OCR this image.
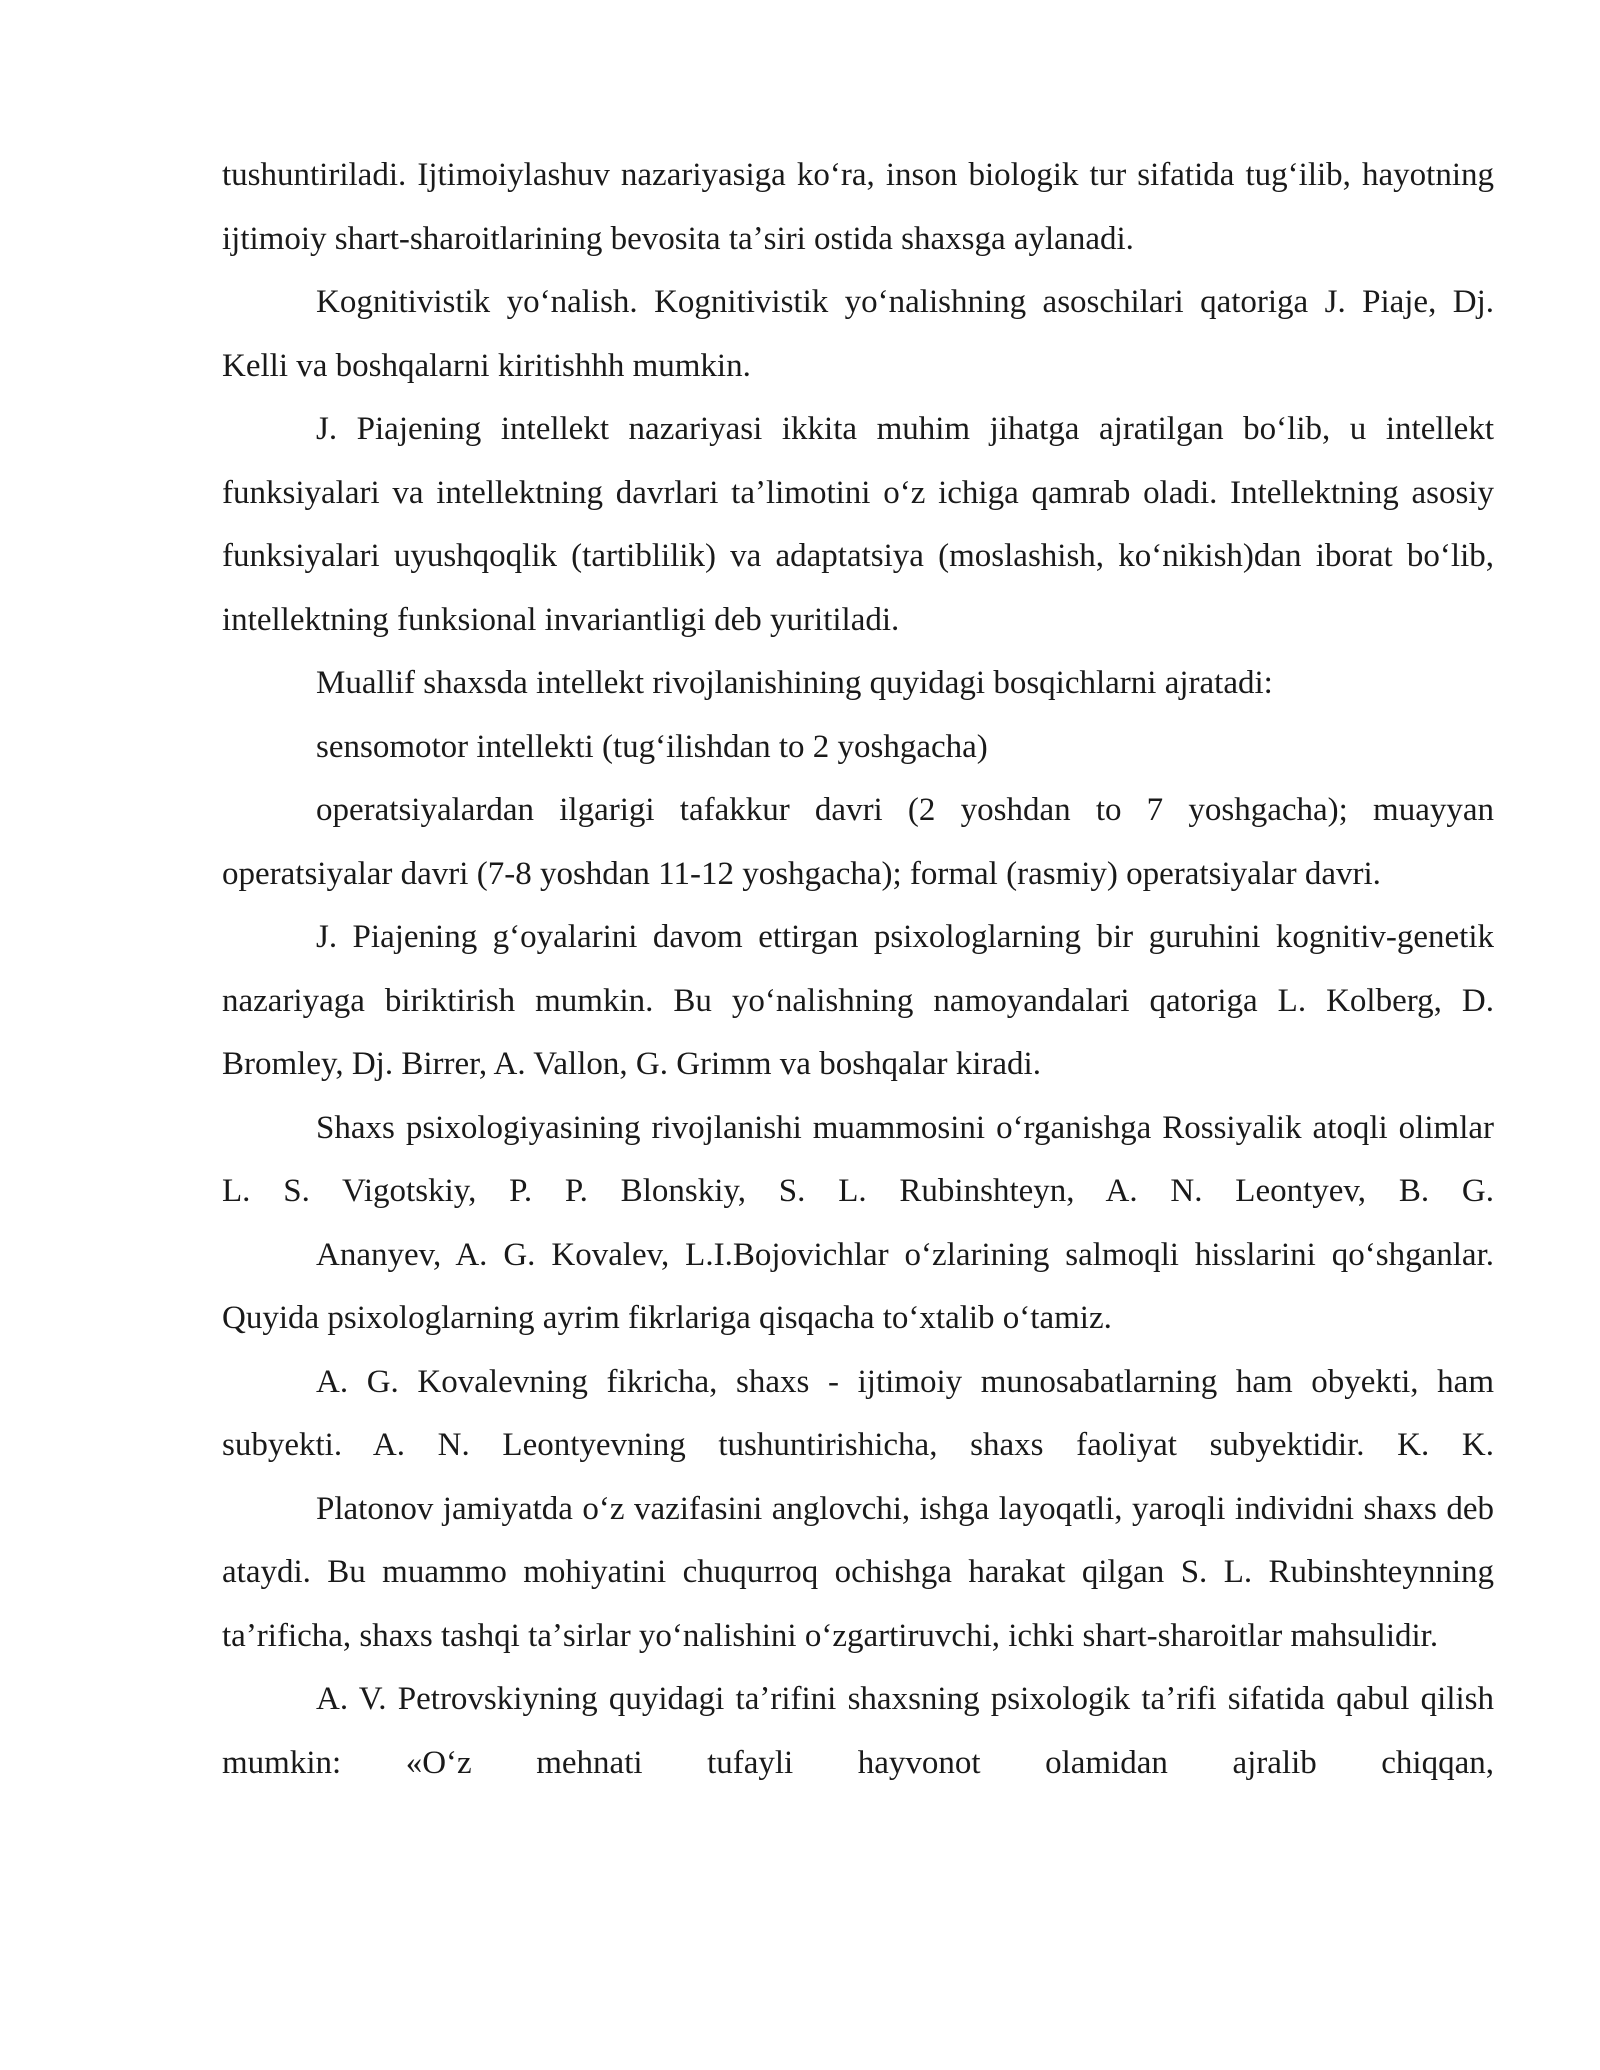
tushuntiriladi. Ijtimoiylashuv nazariyasiga koʻra, inson biologik tur sifatida tugʻilib, hayotning ijtimoiy shart-sharoitlarining bevosita taʼsiri ostida shaxsga aylanadi.

Kognitivistik yoʻnalish. Kognitivistik yoʻnalishning asoschilari qatoriga J. Piaje, Dj. Kelli va boshqalarni kiritishhh mumkin.

J. Piajening intellekt nazariyasi ikkita muhim jihatga ajratilgan boʻlib, u intellekt funksiyalari va intellektning davrlari taʼlimotini oʻz ichiga qamrab oladi. Intellektning asosiy funksiyalari uyushqoqlik (tartiblilik) va adaptatsiya (moslashish, koʻnikish)dan iborat boʻlib, intellektning funksional invariantligi deb yuritiladi.

Muallif shaxsda intellekt rivojlanishining quyidagi bosqichlarni ajratadi:

sensomotor intellekti (tugʻilishdan to 2 yoshgacha)

operatsiyalardan ilgarigi tafakkur davri (2 yoshdan to 7 yoshgacha); muayyan operatsiyalar davri (7-8 yoshdan 11-12 yoshgacha); formal (rasmiy) operatsiyalar davri.

J. Piajening gʻoyalarini davom ettirgan psixologlarning bir guruhini kognitiv-genetik nazariyaga biriktirish mumkin. Bu yoʻnalishning namoyandalari qatoriga L. Kolberg, D. Bromley, Dj. Birrer, A. Vallon, G. Grimm va boshqalar kiradi.

Shaxs psixologiyasining rivojlanishi muammosini oʻrganishga Rossiyalik atoqli olimlar L. S. Vigotskiy, P. P. Blonskiy, S. L. Rubinshteyn, A. N. Leontyev, B. G.

Ananyev, A. G. Kovalev, L.I.Bojovichlar oʻzlarining salmoqli hisslarini qoʻshganlar. Quyida psixologlarning ayrim fikrlariga qisqacha toʻxtalib oʻtamiz.

A. G. Kovalevning fikricha, shaxs - ijtimoiy munosabatlarning ham obyekti, ham subyekti. A. N. Leontyevning tushuntirishicha, shaxs faoliyat subyektidir. K. K.

Platonov jamiyatda oʻz vazifasini anglovchi, ishga layoqatli, yaroqli individni shaxs deb ataydi. Bu muammo mohiyatini chuqurroq ochishga harakat qilgan S. L. Rubinshteynning taʼrificha, shaxs tashqi taʼsirlar yoʻnalishini oʻzgartiruvchi, ichki shart-sharoitlar mahsulidir.

A. V. Petrovskiyning quyidagi taʼrifini shaxsning psixologik taʼrifi sifatida qabul qilish mumkin: «Oʻz mehnati tufayli hayvonot olamidan ajralib chiqqan,
